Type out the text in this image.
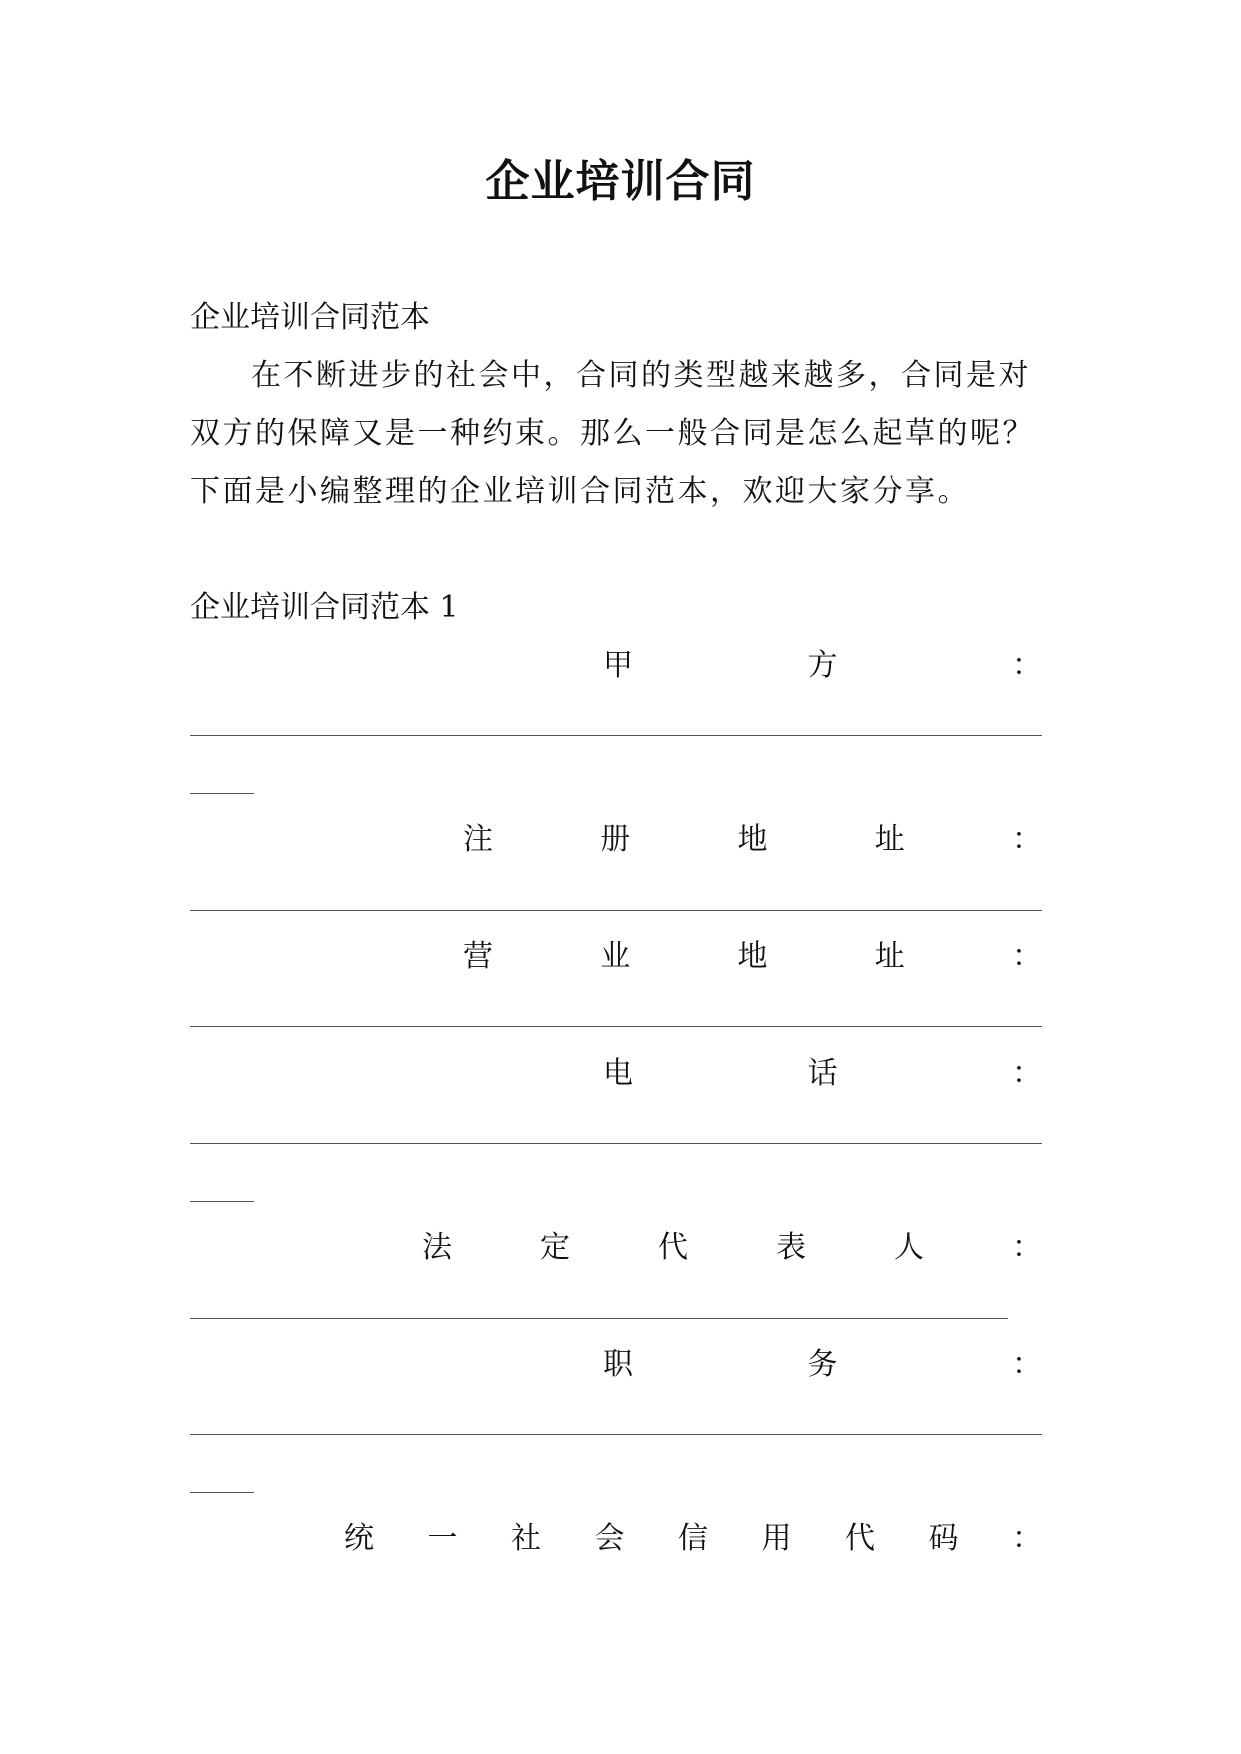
企业培训合同
企业培训合同范本
在不断进步的社会中，合同的类型越来越多，合同是对
双方的保障又是一种约束。那么一般合同是怎么起草的呢？
下面是小编整理的企业培训合同范本，欢迎大家分享。
企业培训合同范本 1
甲	方	：
注	册	地	址	：
营	业	地	址	：
电	话	：
法	定	代	表	人	：
职	务	：
统 一 社 会 信 用 代 码 ：
